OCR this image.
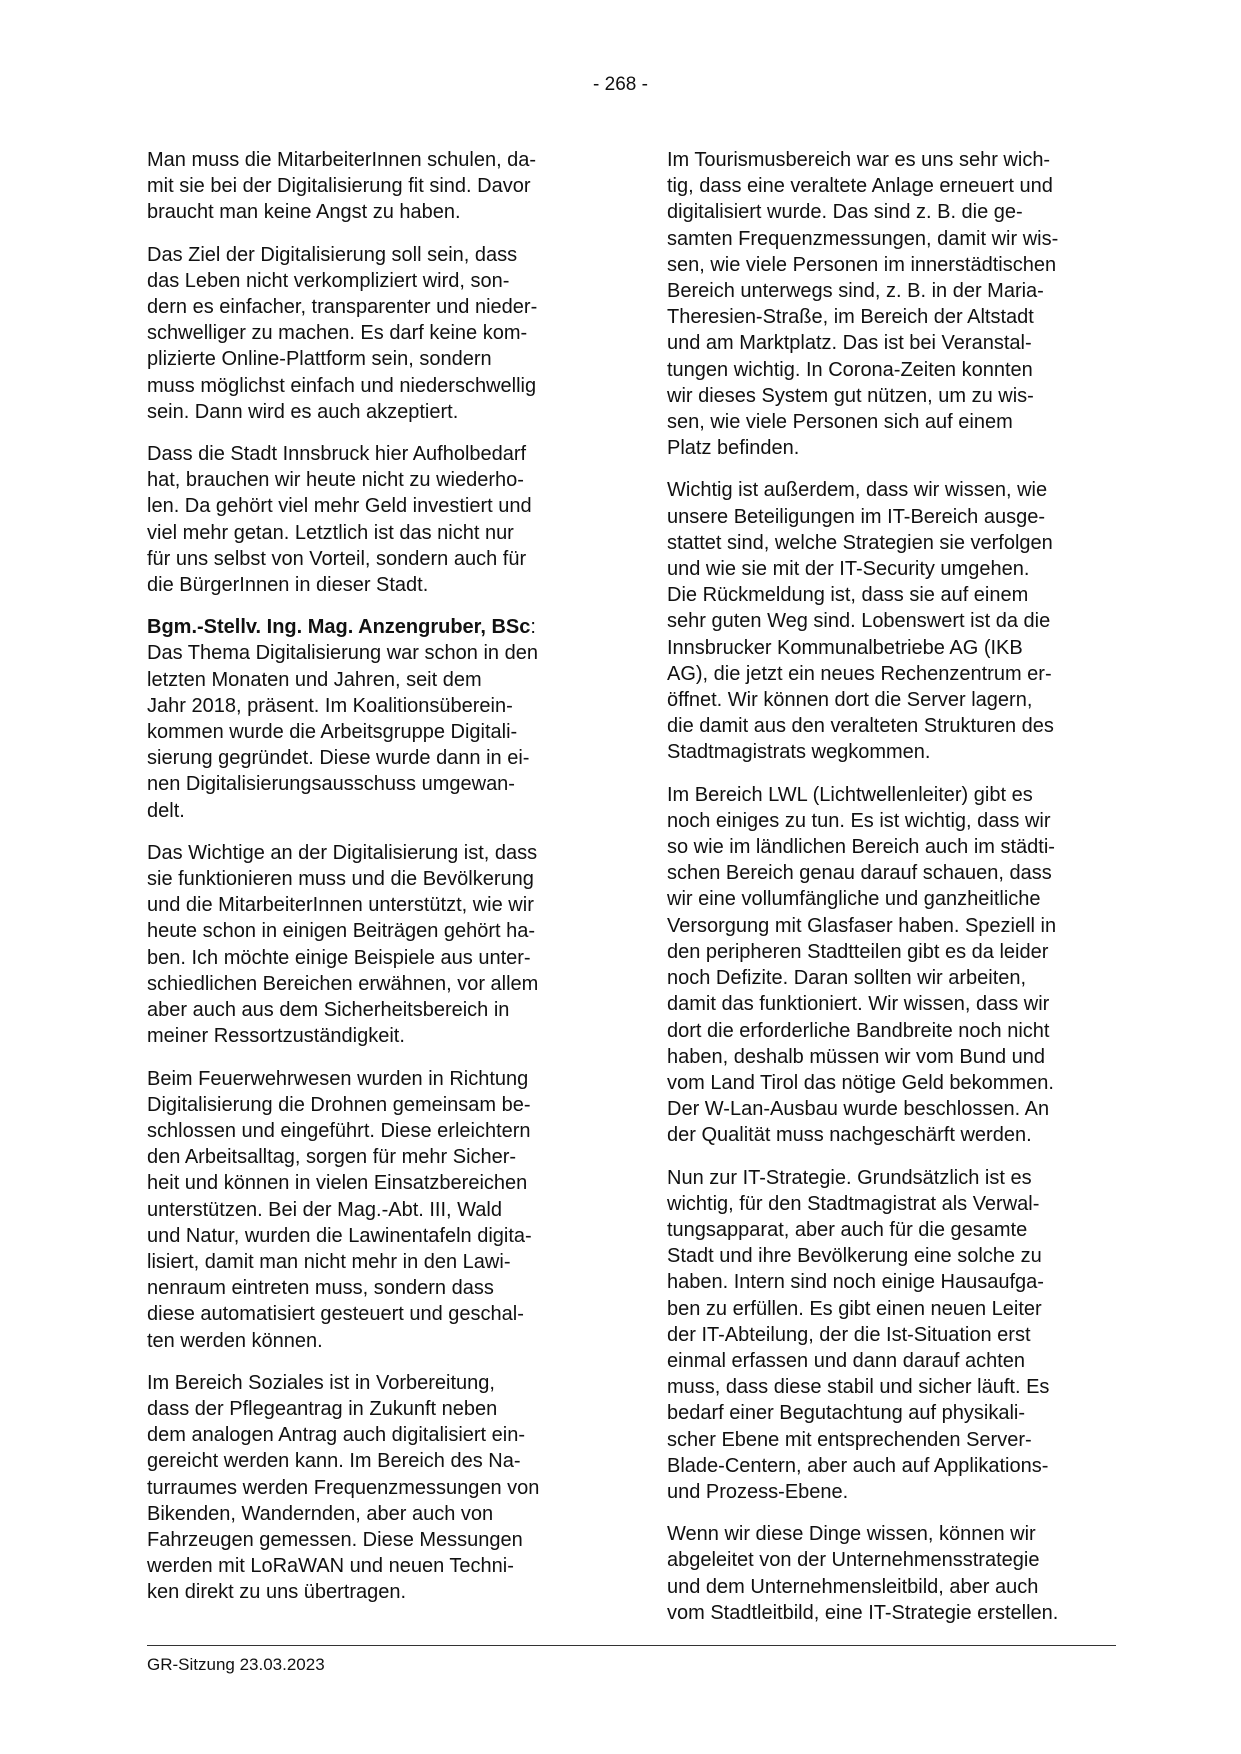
- 268 -

Man muss die MitarbeiterInnen schulen, da-
mit sie bei der Digitalisierung fit sind. Davor
braucht man keine Angst zu haben.

Das Ziel der Digitalisierung soll sein, dass
das Leben nicht verkompliziert wird, son-
dern es einfacher, transparenter und nieder-
schwelliger zu machen. Es darf keine kom-
plizierte Online-Plattform sein, sondern
muss möglichst einfach und niederschwellig
sein. Dann wird es auch akzeptiert.

Dass die Stadt Innsbruck hier Aufholbedarf
hat, brauchen wir heute nicht zu wiederho-
len. Da gehört viel mehr Geld investiert und
viel mehr getan. Letztlich ist das nicht nur
für uns selbst von Vorteil, sondern auch für
die BürgerInnen in dieser Stadt.

Bgm.-Stellv. Ing. Mag. Anzengruber, BSc:
Das Thema Digitalisierung war schon in den
letzten Monaten und Jahren, seit dem
Jahr 2018, präsent. Im Koalitionsüberein-
kommen wurde die Arbeitsgruppe Digitali-
sierung gegründet. Diese wurde dann in ei-
nen Digitalisierungsausschuss umgewan-
delt.

Das Wichtige an der Digitalisierung ist, dass
sie funktionieren muss und die Bevölkerung
und die MitarbeiterInnen unterstützt, wie wir
heute schon in einigen Beiträgen gehört ha-
ben. Ich möchte einige Beispiele aus unter-
schiedlichen Bereichen erwähnen, vor allem
aber auch aus dem Sicherheitsbereich in
meiner Ressortzuständigkeit.

Beim Feuerwehrwesen wurden in Richtung
Digitalisierung die Drohnen gemeinsam be-
schlossen und eingeführt. Diese erleichtern
den Arbeitsalltag, sorgen für mehr Sicher-
heit und können in vielen Einsatzbereichen
unterstützen. Bei der Mag.-Abt. III, Wald
und Natur, wurden die Lawinentafeln digita-
lisiert, damit man nicht mehr in den Lawi-
nenraum eintreten muss, sondern dass
diese automatisiert gesteuert und geschal-
ten werden können.

Im Bereich Soziales ist in Vorbereitung,
dass der Pflegeantrag in Zukunft neben
dem analogen Antrag auch digitalisiert ein-
gereicht werden kann. Im Bereich des Na-
turraumes werden Frequenzmessungen von
Bikenden, Wandernden, aber auch von
Fahrzeugen gemessen. Diese Messungen
werden mit LoRaWAN und neuen Techni-
ken direkt zu uns übertragen.

Im Tourismusbereich war es uns sehr wich-
tig, dass eine veraltete Anlage erneuert und
digitalisiert wurde. Das sind z. B. die ge-
samten Frequenzmessungen, damit wir wis-
sen, wie viele Personen im innerstädtischen
Bereich unterwegs sind, z. B. in der Maria-
Theresien-Straße, im Bereich der Altstadt
und am Marktplatz. Das ist bei Veranstal-
tungen wichtig. In Corona-Zeiten konnten
wir dieses System gut nützen, um zu wis-
sen, wie viele Personen sich auf einem
Platz befinden.

Wichtig ist außerdem, dass wir wissen, wie
unsere Beteiligungen im IT-Bereich ausge-
stattet sind, welche Strategien sie verfolgen
und wie sie mit der IT-Security umgehen.
Die Rückmeldung ist, dass sie auf einem
sehr guten Weg sind. Lobenswert ist da die
Innsbrucker Kommunalbetriebe AG (IKB
AG), die jetzt ein neues Rechenzentrum er-
öffnet. Wir können dort die Server lagern,
die damit aus den veralteten Strukturen des
Stadtmagistrats wegkommen.

Im Bereich LWL (Lichtwellenleiter) gibt es
noch einiges zu tun. Es ist wichtig, dass wir
so wie im ländlichen Bereich auch im städti-
schen Bereich genau darauf schauen, dass
wir eine vollumfängliche und ganzheitliche
Versorgung mit Glasfaser haben. Speziell in
den peripheren Stadtteilen gibt es da leider
noch Defizite. Daran sollten wir arbeiten,
damit das funktioniert. Wir wissen, dass wir
dort die erforderliche Bandbreite noch nicht
haben, deshalb müssen wir vom Bund und
vom Land Tirol das nötige Geld bekommen.
Der W-Lan-Ausbau wurde beschlossen. An
der Qualität muss nachgeschärft werden.

Nun zur IT-Strategie. Grundsätzlich ist es
wichtig, für den Stadtmagistrat als Verwal-
tungsapparat, aber auch für die gesamte
Stadt und ihre Bevölkerung eine solche zu
haben. Intern sind noch einige Hausaufga-
ben zu erfüllen. Es gibt einen neuen Leiter
der IT-Abteilung, der die Ist-Situation erst
einmal erfassen und dann darauf achten
muss, dass diese stabil und sicher läuft. Es
bedarf einer Begutachtung auf physikali-
scher Ebene mit entsprechenden Server-
Blade-Centern, aber auch auf Applikations-
und Prozess-Ebene.

Wenn wir diese Dinge wissen, können wir
abgeleitet von der Unternehmensstrategie
und dem Unternehmensleitbild, aber auch
vom Stadtleitbild, eine IT-Strategie erstellen.

GR-Sitzung 23.03.2023
